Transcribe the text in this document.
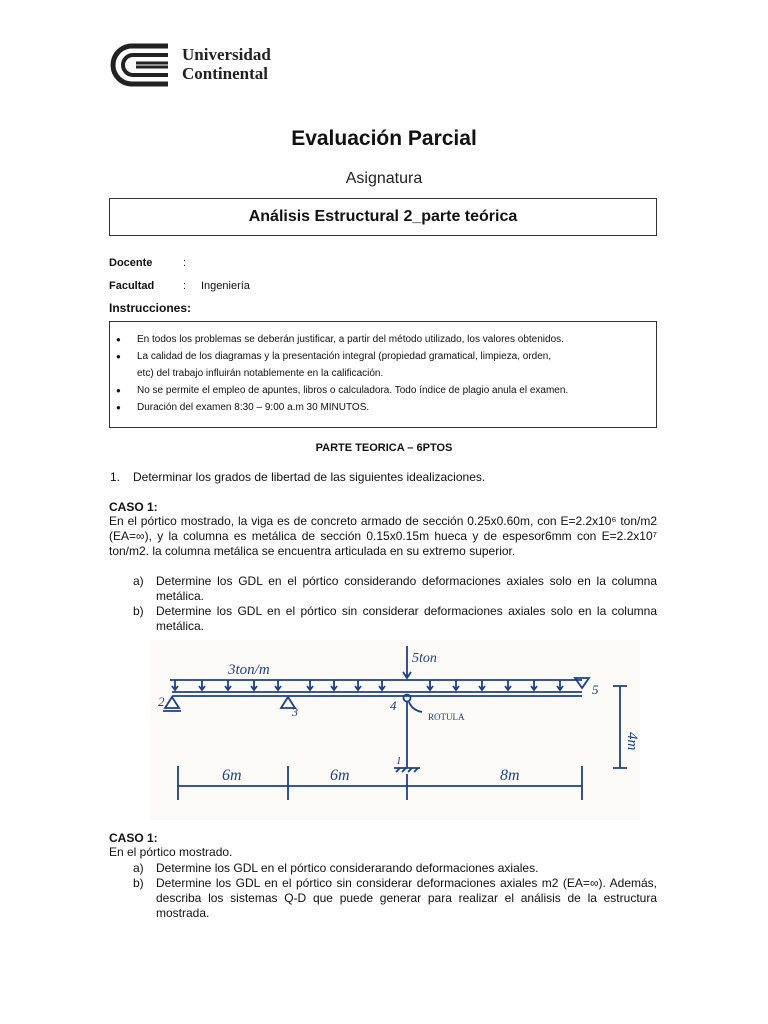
Universidad
Continental
Evaluación Parcial
Asignatura
Análisis Estructural 2_parte teórica
Docente	:
Facultad	: Ingeniería
Instrucciones:
● En todos los problemas se deberán justificar, a partir del método utilizado, los valores obtenidos.
● La calidad de los diagramas y la presentación integral (propiedad gramatical, limpieza, orden,
etc) del trabajo influirán notablemente en la calificación.
● No se permite el empleo de apuntes, libros o calculadora. Todo índice de plagio anula el examen.
● Duración del examen 8:30 – 9:00 a.m 30 MINUTOS.
PARTE TEORICA – 6PTOS
1. Determinar los grados de libertad de las siguientes idealizaciones.
CASO 1:
En el pórtico mostrado, la viga es de concreto armado de sección 0.25x0.60m, con E=2.2x10⁶ ton/m2 (EA=∞), y la columna es metálica de sección 0.15x0.15m hueca y de espesor6mm con E=2.2x10⁷ ton/m2. la columna metálica se encuentra articulada en su extremo superior.
a) Determine los GDL en el pórtico considerando deformaciones axiales solo en la columna metálica.
b) Determine los GDL en el pórtico sin considerar deformaciones axiales solo en la columna metálica.
3ton/m
5ton
ROTULA
2
3	4
5
1
6m	6m	8m
4m
CASO 1:
En el pórtico mostrado.
a) Determine los GDL en el pórtico considerarando deformaciones axiales.
b) Determine los GDL en el pórtico sin considerar deformaciones axiales m2 (EA=∞). Además, describa los sistemas Q-D que puede generar para realizar el análisis de la estructura mostrada.
